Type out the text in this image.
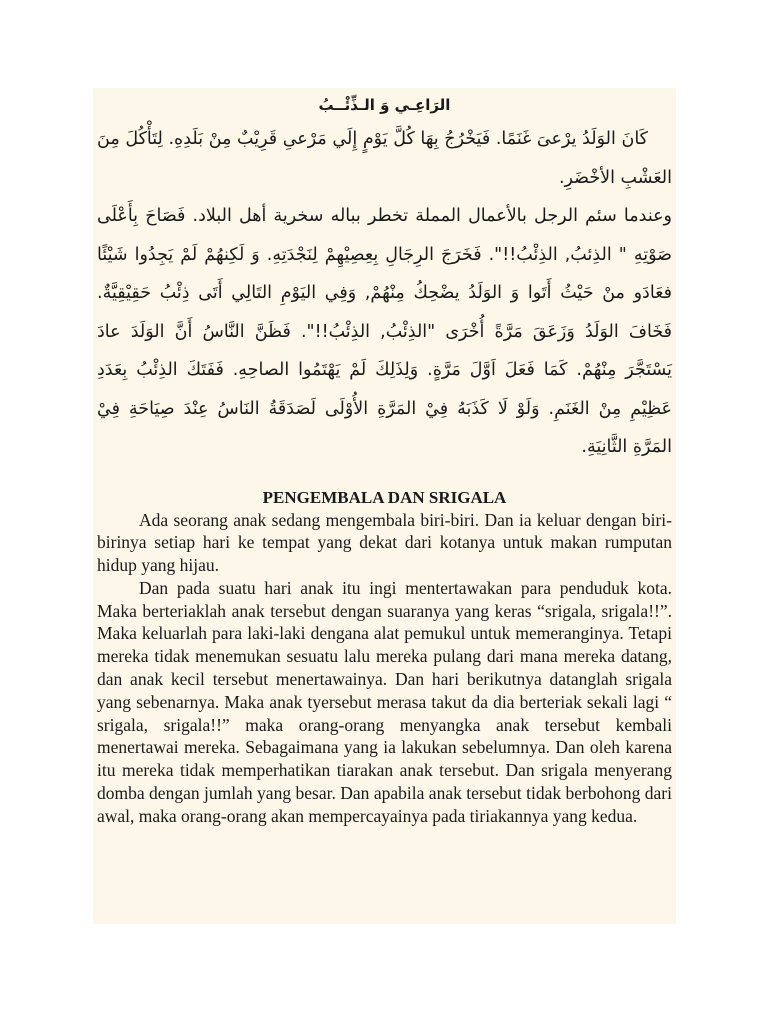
الرَاعِـي وَ الـذِّئْــبُ

كَانَ الوَلَدُ يرْعىَ غَنَمًا. فَيَخْرُجُ بِهَا كُلَّ يَوْمٍ إِلَي مَرْعىِ قَرِيْبٌ مِنْ بَلَدِهِ. لِتَأْكُلَ مِنَ العَشْبِ الأخْضَرِ.

وعندما سئم الرجل بالأعمال المملة تخطر بباله سخرية أهل البلاد. فَصَاحَ بِأَعْلَى صَوْتِهِ " الذِئبُ, الذِئْبُ!!". فَخَرَجَ الرِجَالِ بِعِصِيْهِمْ لِنَجْدَتِهِ. وَ لَكِنهُمْ لَمْ يَجِدُوا شَيْئًا فعَادَو منْ حَيْثُ أَتَوا وَ الوَلَدُ يضْحِكُ مِنْهُمْ, وَفِي اليَوْمِ التَالِي أَتَى ذِئْبُ حَقِيْقِيَّةٌ. فَخَافَ الوَلَدُ وَزَعَقَ مَرَّةً أُخْرَى "الذِئْبُ, الذِئْبُ!!". فَظَنَّ النَّاسُ أَنَّ الوَلَدَ عادَ يَسْتَجَّرَ مِنْهُمْ. كَمَا فَعَلَ اَوَّلَ مَرَّةٍ. وَلِذَلِكَ لَمْ يَهْتَمُوا الصاحِهِ. فَفَتَكَ الذِئْبُ بِعَدَدِ عَظِيْمِ مِنْ الغَنَمِ. وَلَوْ لَا كَذَبَهُ فِيْ المَرَّةِ الأُوْلَى لَصَدَقَةُ النَاسُ عِنْدَ صِيَاحَةِ فِيْ المَرَّةِ الثَّانِيَةِ.

PENGEMBALA DAN SRIGALA

Ada seorang anak sedang mengembala biri-biri. Dan ia keluar dengan biri-birinya setiap hari ke tempat yang dekat dari kotanya untuk makan rumputan hidup yang hijau.

Dan pada suatu hari anak itu ingi mentertawakan para penduduk kota. Maka berteriaklah anak tersebut dengan suaranya yang keras “srigala, srigala!!”. Maka keluarlah para laki-laki dengana alat pemukul untuk memeranginya. Tetapi mereka tidak menemukan sesuatu lalu mereka pulang dari mana mereka datang, dan anak kecil tersebut menertawainya. Dan hari berikutnya datanglah srigala yang sebenarnya. Maka anak tyersebut merasa takut da dia berteriak sekali lagi “ srigala, srigala!!” maka orang-orang menyangka anak tersebut kembali menertawai mereka. Sebagaimana yang ia lakukan sebelumnya. Dan oleh karena itu mereka tidak memperhatikan tiarakan anak tersebut. Dan srigala menyerang domba dengan jumlah yang besar. Dan apabila anak tersebut tidak berbohong dari awal, maka orang-orang akan mempercayainya pada tiriakannya yang kedua.
